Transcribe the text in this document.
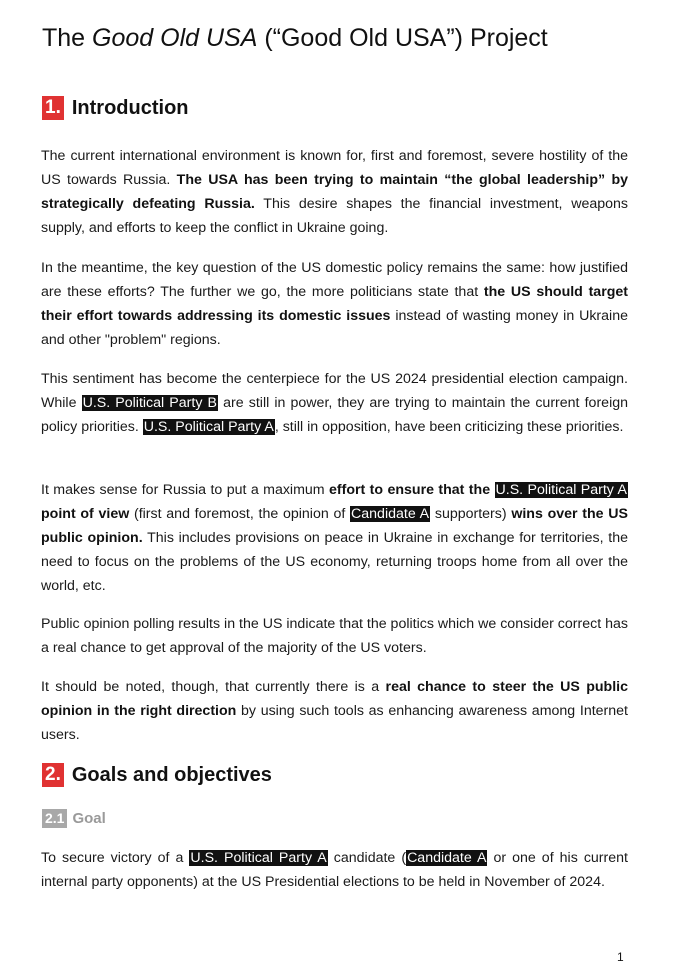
The Good Old USA (“Good Old USA”) Project
1. Introduction
The current international environment is known for, first and foremost, severe hostility of the US towards Russia. The USA has been trying to maintain “the global leadership” by strategically defeating Russia. This desire shapes the financial investment, weapons supply, and efforts to keep the conflict in Ukraine going.
In the meantime, the key question of the US domestic policy remains the same: how justified are these efforts? The further we go, the more politicians state that the US should target their effort towards addressing its domestic issues instead of wasting money in Ukraine and other "problem" regions.
This sentiment has become the centerpiece for the US 2024 presidential election campaign. While U.S. Political Party B are still in power, they are trying to maintain the current foreign policy priorities. U.S. Political Party A, still in opposition, have been criticizing these priorities.
It makes sense for Russia to put a maximum effort to ensure that the U.S. Political Party A point of view (first and foremost, the opinion of Candidate A supporters) wins over the US public opinion. This includes provisions on peace in Ukraine in exchange for territories, the need to focus on the problems of the US economy, returning troops home from all over the world, etc.
Public opinion polling results in the US indicate that the politics which we consider correct has a real chance to get approval of the majority of the US voters.
It should be noted, though, that currently there is a real chance to steer the US public opinion in the right direction by using such tools as enhancing awareness among Internet users.
2. Goals and objectives
2.1 Goal
To secure victory of a U.S. Political Party A candidate (Candidate A or one of his current internal party opponents) at the US Presidential elections to be held in November of 2024.
1
